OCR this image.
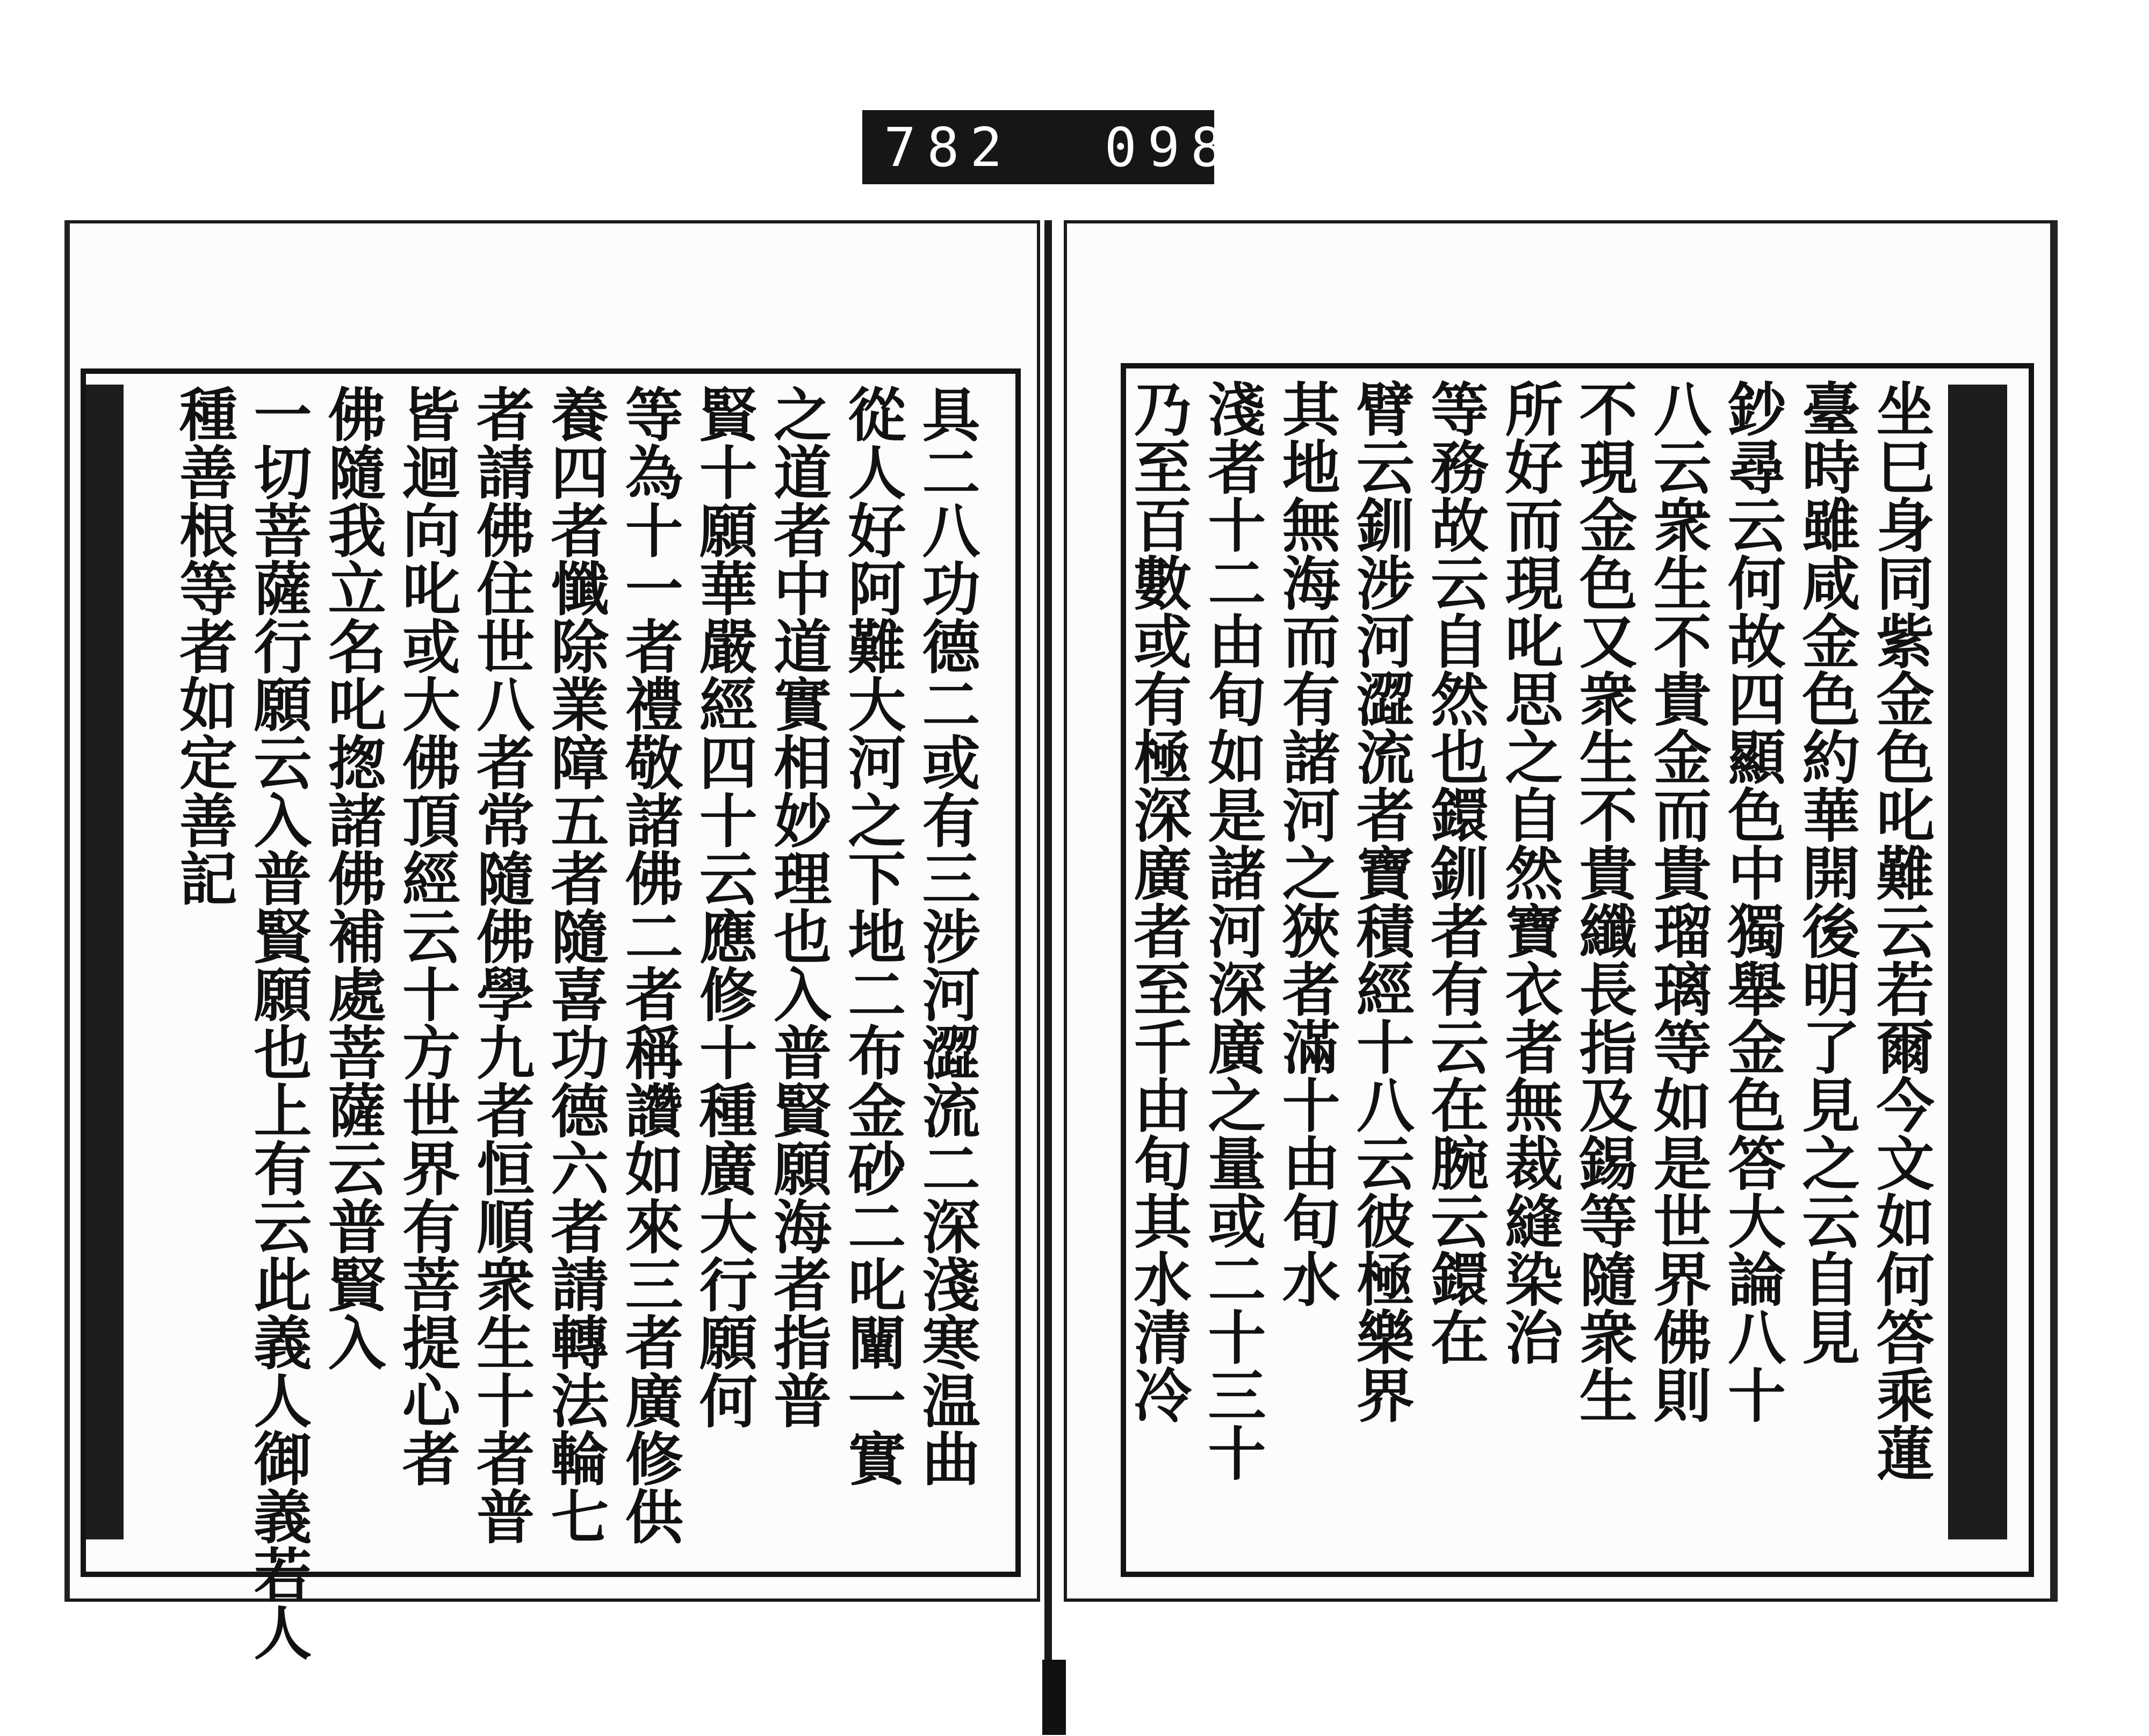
782 098
具二八功德二或有三涉河澀流二深淺寒温曲
從人好阿難大河之下地二布金砂二叱闡一實
之道者中道實相妙理也入普賢願海者指普
賢十願華嚴經四十云應修十種廣大行願何
等為十一者禮敬諸佛二者稱讚如來三者廣修供
養四者懺除業障五者隨喜功德六者請轉法輪七
者請佛住世八者常隨佛學九者恒順衆生十者普
皆迴向叱或大佛頂經云十方世界有菩提心者
佛隨我立名叱揔諸佛補處菩薩云普賢入
一切菩薩行願云入普賢願也上有云此義人御義若人
種善根等者如定善記	坐巳身同紫金色叱難云若爾今文如何答乘蓮
臺時雖咸金色約華開後明了見之云自見
鈔尋云何故四顯色中獨舉金色答大論八十
八云衆生不貴金而貴瑠璃等如是世界佛則
不現金色又衆生不貴纖長指及錫等隨衆生
所好而現叱思之自然寶衣者無裁縫染治
等務故云自然也鐶釧者有云在腕云鐶在
臂云釧涉河澀流者寶積經十八云彼極樂界
其地無海而有諸河之狹者滿十由旬水
淺者十二由旬如是諸河深廣之量或二十三十
乃至百數或有極深廣者至千由旬其水清冷
